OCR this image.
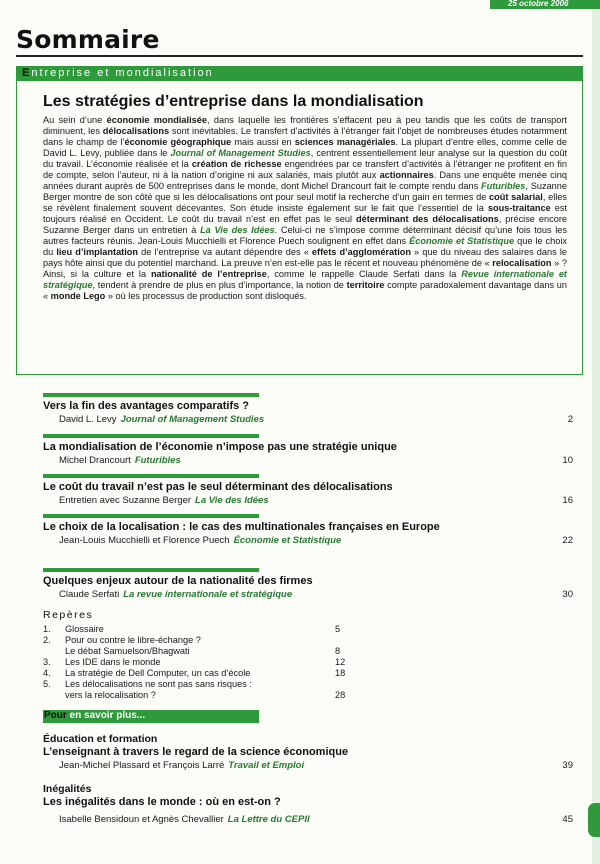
25 octobre 2006
Sommaire
Entreprise et mondialisation
Les stratégies d’entreprise dans la mondialisation
Au sein d’une économie mondialisée, dans laquelle les frontières s’effacent peu à peu tandis que les coûts de transport diminuent, les délocalisations sont inévitables. Le transfert d’activités à l’étranger fait l’objet de nombreuses études notamment dans le champ de l’économie géographique mais aussi en sciences managériales. La plupart d’entre elles, comme celle de David L. Levy, publiée dans le Journal of Management Studies, centrent essentiellement leur analyse sur la question du coût du travail. L’économie réalisée et la création de richesse engendrées par ce transfert d’activités à l’étranger ne profitent en fin de compte, selon l’auteur, ni à la nation d’origine ni aux salariés, mais plutôt aux actionnaires. Dans une enquête menée cinq années durant auprès de 500 entreprises dans le monde, dont Michel Drancourt fait le compte rendu dans Futuribles, Suzanne Berger montre de son côté que si les délocalisations ont pour seul motif la recherche d’un gain en termes de coût salarial, elles se révèlent finalement souvent décevantes. Son étude insiste également sur le fait que l’essentiel de la sous-traitance est toujours réalisé en Occident. Le coût du travail n’est en effet pas le seul déterminant des délocalisations, précise encore Suzanne Berger dans un entretien à La Vie des Idées. Celui-ci ne s’impose comme déterminant décisif qu’une fois tous les autres facteurs réunis. Jean-Louis Mucchielli et Florence Puech soulignent en effet dans Économie et Statistique que le choix du lieu d’implantation de l’entreprise va autant dépendre des « effets d’agglomération » que du niveau des salaires dans le pays hôte ainsi que du potentiel marchand. La preuve n’en est-elle pas le récent et nouveau phénomène de « relocalisation » ? Ainsi, si la culture et la nationalité de l’entreprise, comme le rappelle Claude Serfati dans la Revue internationale et stratégique, tendent à prendre de plus en plus d’importance, la notion de territoire compte paradoxalement davantage dans un « monde Lego » où les processus de production sont disloqués.
Vers la fin des avantages comparatifs ?
David L. Levy Journal of Management Studies	2
La mondialisation de l’économie n’impose pas une stratégie unique
Michel Drancourt Futuribles	10
Le coût du travail n’est pas le seul déterminant des délocalisations
Entretien avec Suzanne Berger La Vie des Idées	16
Le choix de la localisation : le cas des multinationales françaises en Europe
Jean-Louis Mucchielli et Florence Puech Économie et Statistique	22
Quelques enjeux autour de la nationalité des firmes
Claude Serfati La revue internationale et stratégique	30
Repères
1. Glossaire	5
2. Pour ou contre le libre-échange ?
Le débat Samuelson/Bhagwati	8
3. Les IDE dans le monde	12
4. La stratégie de Dell Computer, un cas d’école	18
5. Les délocalisations ne sont pas sans risques :
vers la relocalisation ?	28
Pour en savoir plus...
Éducation et formation
L’enseignant à travers le regard de la science économique
Jean-Michel Plassard et François Larré Travail et Emploi	39
Inégalités
Les inégalités dans le monde : où en est-on ?
Isabelle Bensidoun et Agnès Chevallier La Lettre du CEPII	45
